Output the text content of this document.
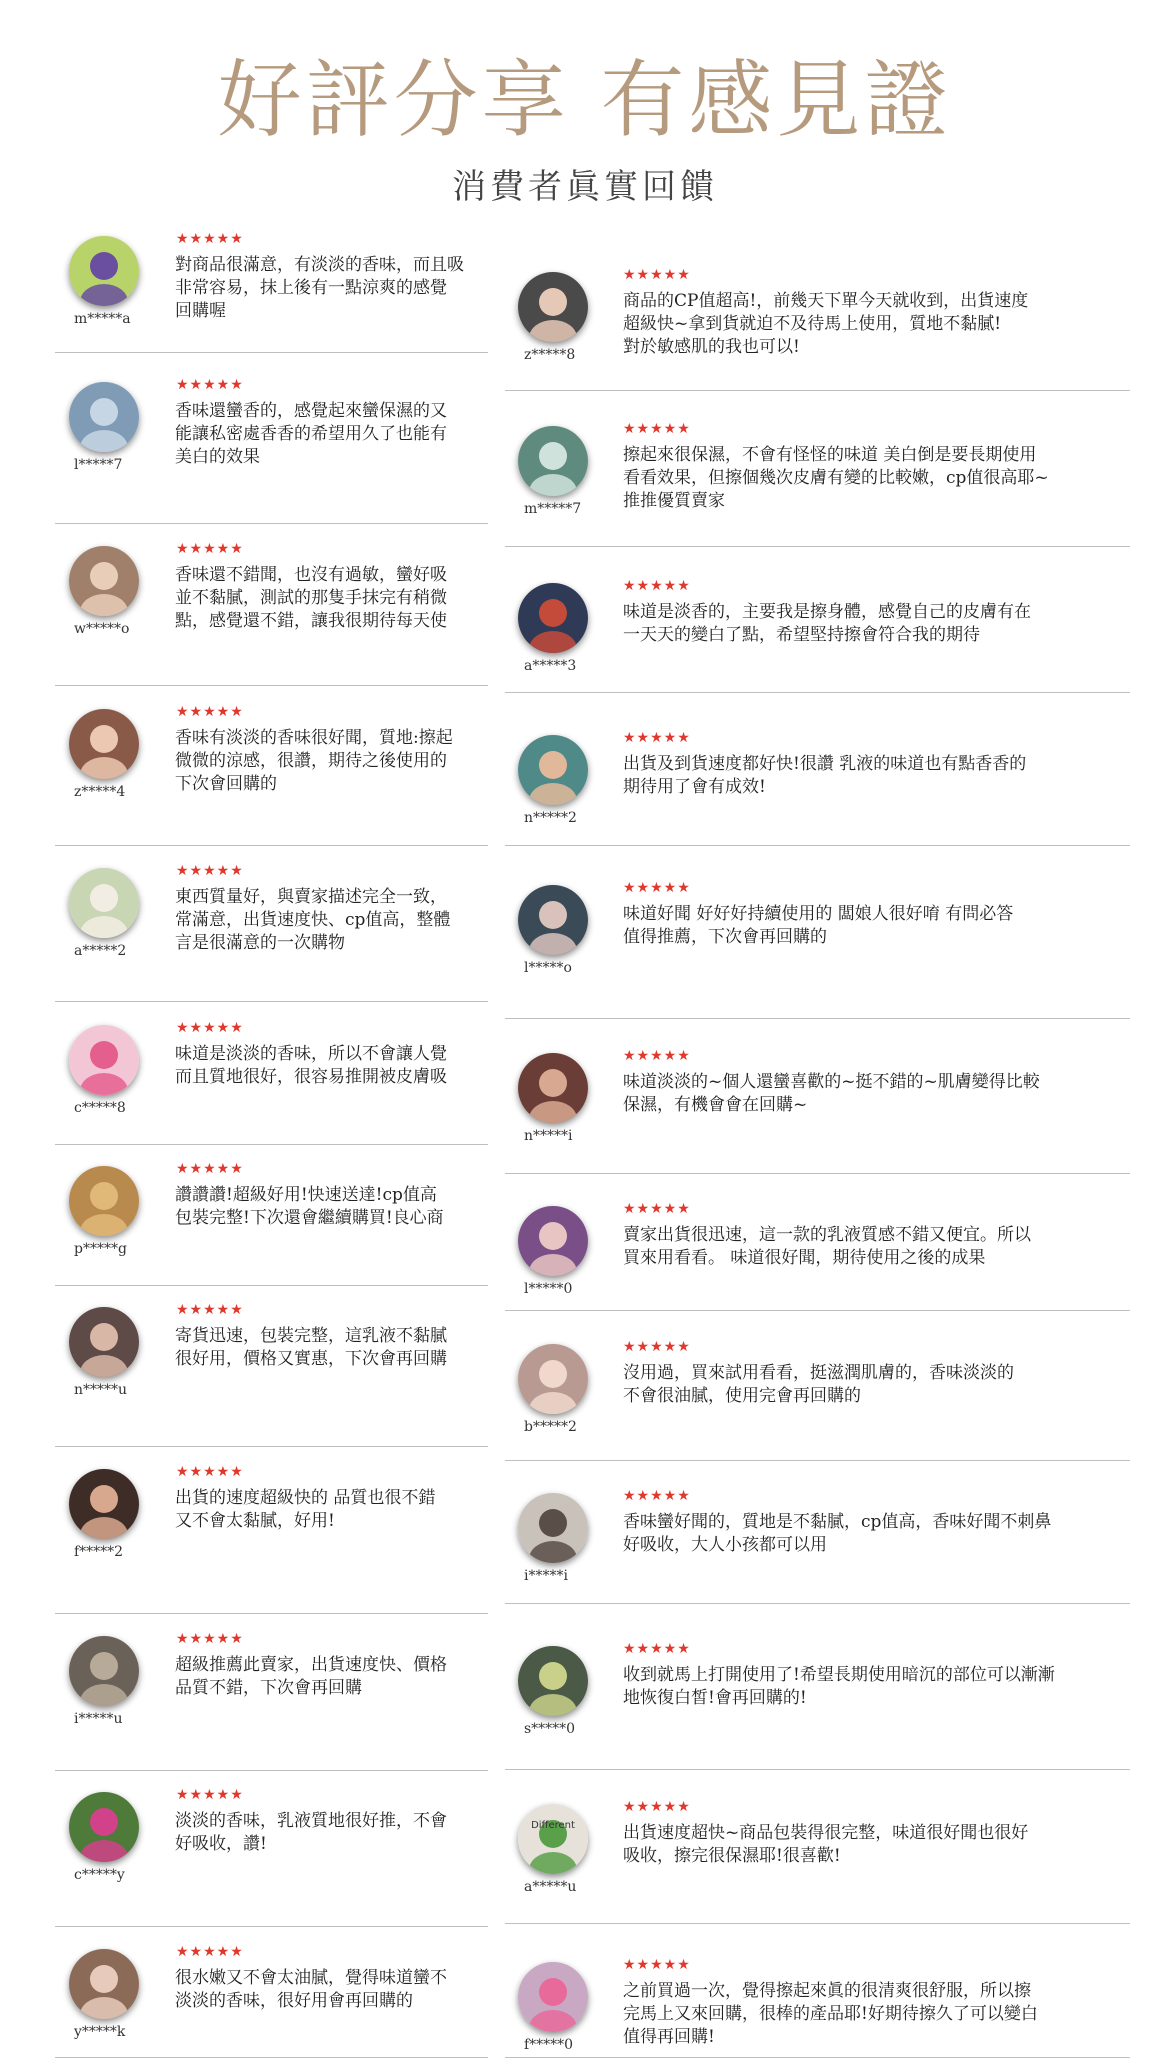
好評分享 有感見證
消費者眞實回饋
m*****a
★★★★★
對商品很滿意，有淡淡的香味，而且吸
非常容易，抹上後有一點涼爽的感覺
回購喔
l*****7
★★★★★
香味還蠻香的，感覺起來蠻保濕的又
能讓私密處香香的希望用久了也能有
美白的效果
w*****o
★★★★★
香味還不錯聞，也沒有過敏，蠻好吸
並不黏膩，測試的那隻手抹完有稍微
點，感覺還不錯，讓我很期待每天使
z*****4
★★★★★
香味有淡淡的香味很好聞，質地:擦起
微微的涼感，很讚，期待之後使用的
下次會回購的
a*****2
★★★★★
東西質量好，與賣家描述完全一致，
常滿意，出貨速度快、cp值高，整體
言是很滿意的一次購物
c*****8
★★★★★
味道是淡淡的香味，所以不會讓人覺
而且質地很好，很容易推開被皮膚吸
p*****g
★★★★★
讚讚讚!超級好用!快速送達!cp值高
包裝完整!下次還會繼續購買!良心商
n*****u
★★★★★
寄貨迅速，包裝完整，這乳液不黏膩
很好用，價格又實惠，下次會再回購
f*****2
★★★★★
出貨的速度超級快的 品質也很不錯
又不會太黏膩，好用!
i*****u
★★★★★
超級推薦此賣家，出貨速度快、價格
品質不錯，下次會再回購
c*****y
★★★★★
淡淡的香味，乳液質地很好推，不會
好吸收，讚!
y*****k
★★★★★
很水嫩又不會太油膩，覺得味道蠻不
淡淡的香味，很好用會再回購的
z*****8
★★★★★
商品的CP值超高!，前幾天下單今天就收到，出貨速度
超級快~拿到貨就迫不及待馬上使用，質地不黏膩!
對於敏感肌的我也可以!
m*****7
★★★★★
擦起來很保濕，不會有怪怪的味道 美白倒是要長期使用
看看效果，但擦個幾次皮膚有變的比較嫩，cp值很高耶~
推推優質賣家
a*****3
★★★★★
味道是淡香的，主要我是擦身體，感覺自己的皮膚有在
一天天的變白了點，希望堅持擦會符合我的期待
n*****2
★★★★★
出貨及到貨速度都好快!很讚 乳液的味道也有點香香的
期待用了會有成效!
l*****o
★★★★★
味道好聞 好好好持續使用的 闆娘人很好唷 有問必答
值得推薦，下次會再回購的
n*****i
★★★★★
味道淡淡的~個人還蠻喜歡的~挺不錯的~肌膚變得比較
保濕，有機會會在回購~
l*****0
★★★★★
賣家出貨很迅速，這一款的乳液質感不錯又便宜。所以
買來用看看。 味道很好聞，期待使用之後的成果
b*****2
★★★★★
沒用過，買來試用看看，挺滋潤肌膚的，香味淡淡的
不會很油膩，使用完會再回購的
i*****i
★★★★★
香味蠻好聞的，質地是不黏膩，cp值高，香味好聞不刺鼻
好吸收，大人小孩都可以用
s*****0
★★★★★
收到就馬上打開使用了!希望長期使用暗沉的部位可以漸漸
地恢復白皙!會再回購的!
Different
a*****u
★★★★★
出貨速度超快~商品包裝得很完整，味道很好聞也很好
吸收，擦完很保濕耶!很喜歡!
f*****0
★★★★★
之前買過一次，覺得擦起來眞的很清爽很舒服，所以擦
完馬上又來回購，很棒的產品耶!好期待擦久了可以變白
值得再回購!
